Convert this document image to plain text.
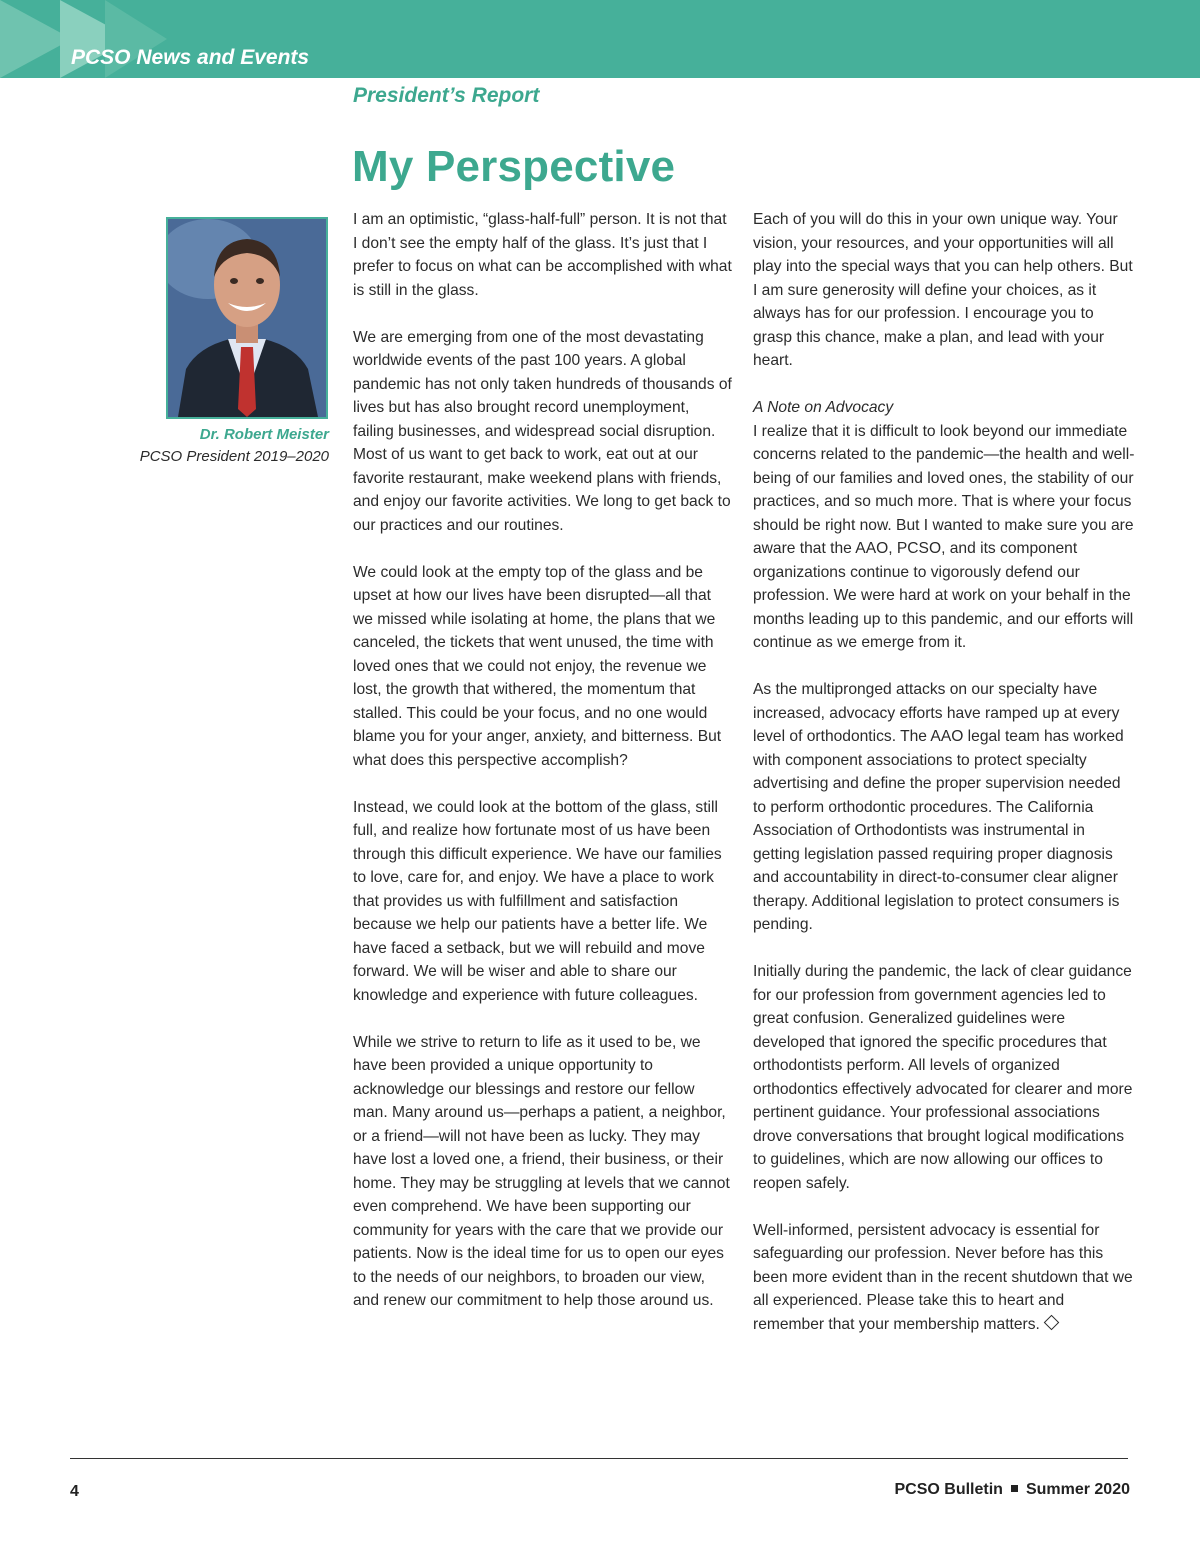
PCSO News and Events
President’s Report
My Perspective

Dr. Robert Meister

PCSO President 2019–2020

I am an optimistic, “glass-half-full” person. It is not that I don’t see the empty half of the glass. It’s just that I prefer to focus on what can be accomplished with what is still in the glass.

We are emerging from one of the most devastating worldwide events of the past 100 years. A global pandemic has not only taken hundreds of thousands of lives but has also brought record unemployment, failing businesses, and widespread social disruption. Most of us want to get back to work, eat out at our favorite restaurant, make weekend plans with friends, and enjoy our favorite activities. We long to get back to our practices and our routines.

We could look at the empty top of the glass and be upset at how our lives have been disrupted—all that we missed while isolating at home, the plans that we canceled, the tickets that went unused, the time with loved ones that we could not enjoy, the revenue we lost, the growth that withered, the momentum that stalled. This could be your focus, and no one would blame you for your anger, anxiety, and bitterness. But what does this perspective accomplish?

Instead, we could look at the bottom of the glass, still full, and realize how fortunate most of us have been through this difficult experience. We have our families to love, care for, and enjoy. We have a place to work that provides us with fulfillment and satisfaction because we help our patients have a better life. We have faced a setback, but we will rebuild and move forward. We will be wiser and able to share our knowledge and experience with future colleagues.

While we strive to return to life as it used to be, we have been provided a unique opportunity to acknowledge our blessings and restore our fellow man. Many around us—perhaps a patient, a neighbor, or a friend—will not have been as lucky. They may have lost a loved one, a friend, their business, or their home. They may be struggling at levels that we cannot even comprehend. We have been supporting our community for years with the care that we provide our patients. Now is the ideal time for us to open our eyes to the needs of our neighbors, to broaden our view, and renew our commitment to help those around us.

Each of you will do this in your own unique way. Your vision, your resources, and your opportunities will all play into the special ways that you can help others. But I am sure generosity will define your choices, as it always has for our profession. I encourage you to grasp this chance, make a plan, and lead with your heart.

A Note on Advocacy
I realize that it is difficult to look beyond our immediate concerns related to the pandemic—the health and well-being of our families and loved ones, the stability of our practices, and so much more. That is where your focus should be right now. But I wanted to make sure you are aware that the AAO, PCSO, and its component organizations continue to vigorously defend our profession. We were hard at work on your behalf in the months leading up to this pandemic, and our efforts will continue as we emerge from it.

As the multipronged attacks on our specialty have increased, advocacy efforts have ramped up at every level of orthodontics. The AAO legal team has worked with component associations to protect specialty advertising and define the proper supervision needed to perform orthodontic procedures. The California Association of Orthodontists was instrumental in getting legislation passed requiring proper diagnosis and accountability in direct-to-consumer clear aligner therapy. Additional legislation to protect consumers is pending.

Initially during the pandemic, the lack of clear guidance for our profession from government agencies led to great confusion. Generalized guidelines were developed that ignored the specific procedures that orthodontists perform. All levels of organized orthodontics effectively advocated for clearer and more pertinent guidance. Your professional associations drove conversations that brought logical modifications to guidelines, which are now allowing our offices to reopen safely.

Well-informed, persistent advocacy is essential for safeguarding our profession. Never before has this been more evident than in the recent shutdown that we all experienced. Please take this to heart and remember that your membership matters.

4	PCSO Bulletin Summer 2020
